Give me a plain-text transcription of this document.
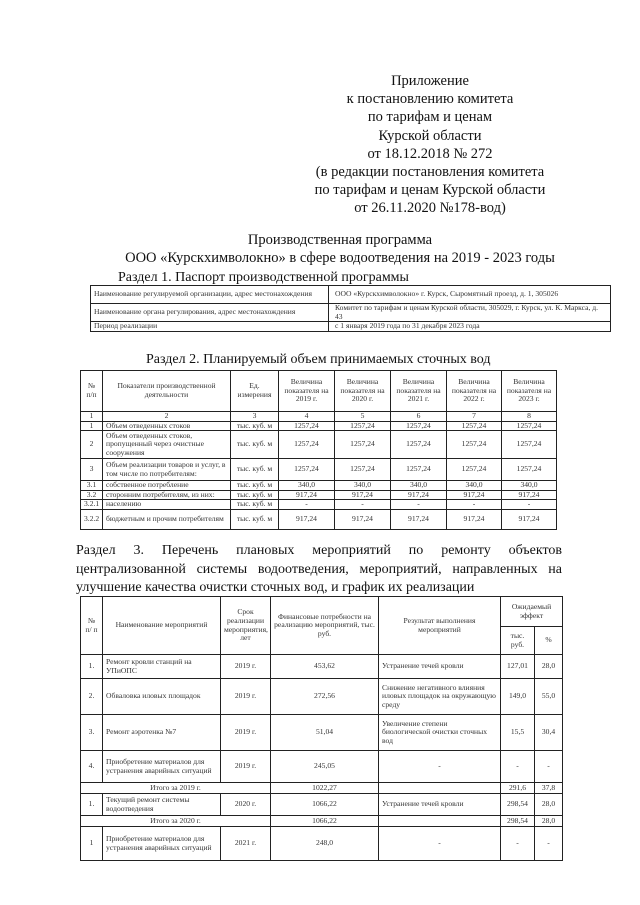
Приложение
к постановлению комитета
по тарифам и ценам
Курской области
от 18.12.2018 № 272
(в редакции постановления комитета
по тарифам и ценам Курской области
от 26.11.2020 №178-вод)
Производственная программа
ООО «Курскхимволокно» в сфере водоотведения на 2019 - 2023 годы
Раздел 1. Паспорт производственной программы
Наименование регулируемой организации, адрес местонахождения	ООО «Курскхимволокно» г. Курск, Сыромятный проезд, д. 1, 305026
Наименование органа регулирования, адрес местонахождения	Комитет по тарифам и ценам Курской области, 305029, г. Курск, ул. К. Маркса, д. 43
Период реализации	с 1 января 2019 года по 31 декабря 2023 года
Раздел 2. Планируемый объем принимаемых сточных вод
№ п/п	Показатели производственной деятельности	Ед. измерения	Величина показателя на 2019 г.	Величина показателя на 2020 г.	Величина показателя на 2021 г.	Величина показателя на 2022 г.	Величина показателя на 2023 г.
1	2	3	4	5	6	7	8
1	Объем отведенных стоков	тыс. куб. м	1257,24	1257,24	1257,24	1257,24	1257,24
2	Объем отведенных стоков, пропущенный через очистные сооружения	тыс. куб. м	1257,24	1257,24	1257,24	1257,24	1257,24
3	Объем реализации товаров и услуг, в том числе по потребителям:	тыс. куб. м	1257,24	1257,24	1257,24	1257,24	1257,24
3.1	собственное потребление	тыс. куб. м	340,0	340,0	340,0	340,0	340,0
3.2	сторонним потребителям, из них:	тыс. куб. м	917,24	917,24	917,24	917,24	917,24
3.2.1	населению	тыс. куб. м	-	-	-	-	-
3.2.2	бюджетным и прочим потребителям	тыс. куб. м	917,24	917,24	917,24	917,24	917,24
Раздел 3. Перечень плановых мероприятий по ремонту объектов
централизованной системы водоотведения, мероприятий, направленных на
улучшение качества очистки сточных вод, и график их реализации
№ п/ п	Наименование мероприятий	Срок реализации мероприятия, лет	Финансовые потребности на реализацию мероприятий, тыс. руб.	Результат выполнения мероприятий	Ожидаемый эффект	
					тыс. руб.	%
1.	Ремонт кровли станций на УПиОПС	2019 г.	453,62	Устранение течей кровли	127,01	28,0
2.	Обваловка иловых площадок	2019 г.	272,56	Снижение негативного влияния иловых площадок на окружающую среду	149,0	55,0
3.	Ремонт аэротенка №7	2019 г.	51,04	Увеличение степени биологической очистки сточных вод	15,5	30,4
4.	Приобретение материалов для устранения аварийных ситуаций	2019 г.	245,05	-	-	-
Итого за 2019 г.			1022,27		291,6	37,8
1.	Текущий ремонт системы водоотведения	2020 г.	1066,22	Устранение течей кровли	298,54	28,0
Итого за 2020 г.			1066,22		298,54	28,0
1	Приобретение материалов для устранения аварийных ситуаций	2021 г.	248,0	-	-	-
